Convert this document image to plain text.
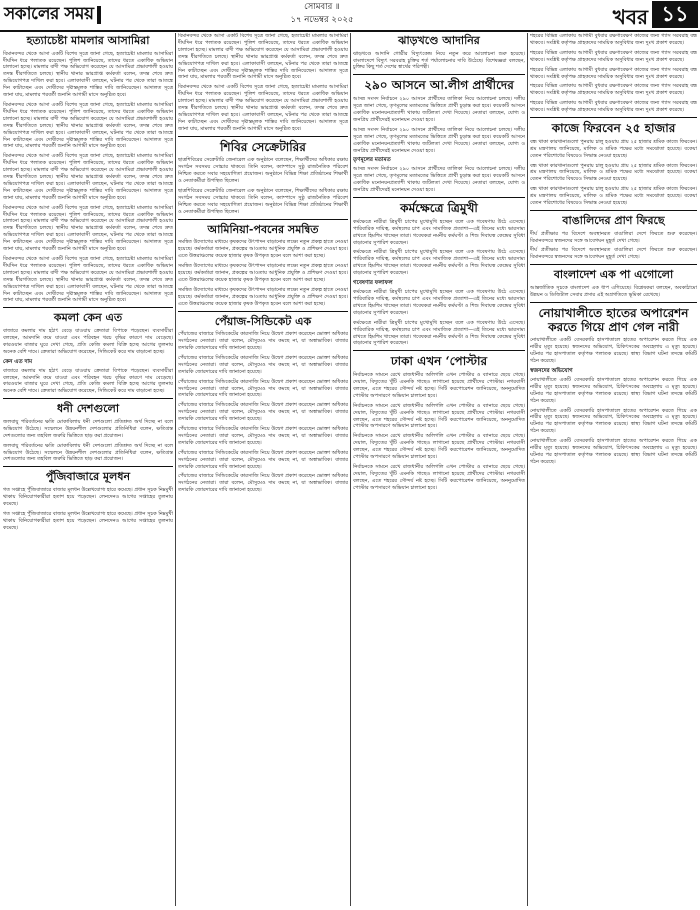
সকালের সময়	সোমবার ॥
১৭ নভেম্বর ২০২৫	খবর ১১
হত্যাচেষ্টা মামলার আসামিরা

বিমানবন্দর থেকে আসা একটি বিশেষ সূত্রে জানা গেছে, হত্যাচেষ্টা মামলার আসামিরা দীর্ঘদিন ধরে পলাতক রয়েছেন। পুলিশ জানিয়েছে, তাদের ধরতে একাধিক অভিযান চালানো হচ্ছে। মামলার বাদী পক্ষ অভিযোগ করেছেন যে আসামিরা প্রভাবশালী হওয়ায় তদন্ত ধীরগতিতে চলছে। স্থানীয় থানার ভারপ্রাপ্ত কর্মকর্তা বলেন, তদন্ত শেষে দ্রুত অভিযোগপত্র দাখিল করা হবে। এলাকাবাসী বলছেন, ঘটনার পর থেকে তারা আতঙ্কে দিন কাটাচ্ছেন এবং দোষীদের দৃষ্টান্তমূলক শাস্তির দাবি জানিয়েছেন। আদালত সূত্রে জানা যায়, মামলার পরবর্তী শুনানি আগামী মাসে অনুষ্ঠিত হবে।

বিমানবন্দর থেকে আসা একটি বিশেষ সূত্রে জানা গেছে, হত্যাচেষ্টা মামলার আসামিরা দীর্ঘদিন ধরে পলাতক রয়েছেন। পুলিশ জানিয়েছে, তাদের ধরতে একাধিক অভিযান চালানো হচ্ছে। মামলার বাদী পক্ষ অভিযোগ করেছেন যে আসামিরা প্রভাবশালী হওয়ায় তদন্ত ধীরগতিতে চলছে। স্থানীয় থানার ভারপ্রাপ্ত কর্মকর্তা বলেন, তদন্ত শেষে দ্রুত অভিযোগপত্র দাখিল করা হবে। এলাকাবাসী বলছেন, ঘটনার পর থেকে তারা আতঙ্কে দিন কাটাচ্ছেন এবং দোষীদের দৃষ্টান্তমূলক শাস্তির দাবি জানিয়েছেন। আদালত সূত্রে জানা যায়, মামলার পরবর্তী শুনানি আগামী মাসে অনুষ্ঠিত হবে।

বিমানবন্দর থেকে আসা একটি বিশেষ সূত্রে জানা গেছে, হত্যাচেষ্টা মামলার আসামিরা দীর্ঘদিন ধরে পলাতক রয়েছেন। পুলিশ জানিয়েছে, তাদের ধরতে একাধিক অভিযান চালানো হচ্ছে। মামলার বাদী পক্ষ অভিযোগ করেছেন যে আসামিরা প্রভাবশালী হওয়ায় তদন্ত ধীরগতিতে চলছে। স্থানীয় থানার ভারপ্রাপ্ত কর্মকর্তা বলেন, তদন্ত শেষে দ্রুত অভিযোগপত্র দাখিল করা হবে। এলাকাবাসী বলছেন, ঘটনার পর থেকে তারা আতঙ্কে দিন কাটাচ্ছেন এবং দোষীদের দৃষ্টান্তমূলক শাস্তির দাবি জানিয়েছেন। আদালত সূত্রে জানা যায়, মামলার পরবর্তী শুনানি আগামী মাসে অনুষ্ঠিত হবে।

বিমানবন্দর থেকে আসা একটি বিশেষ সূত্রে জানা গেছে, হত্যাচেষ্টা মামলার আসামিরা দীর্ঘদিন ধরে পলাতক রয়েছেন। পুলিশ জানিয়েছে, তাদের ধরতে একাধিক অভিযান চালানো হচ্ছে। মামলার বাদী পক্ষ অভিযোগ করেছেন যে আসামিরা প্রভাবশালী হওয়ায় তদন্ত ধীরগতিতে চলছে। স্থানীয় থানার ভারপ্রাপ্ত কর্মকর্তা বলেন, তদন্ত শেষে দ্রুত অভিযোগপত্র দাখিল করা হবে। এলাকাবাসী বলছেন, ঘটনার পর থেকে তারা আতঙ্কে দিন কাটাচ্ছেন এবং দোষীদের দৃষ্টান্তমূলক শাস্তির দাবি জানিয়েছেন। আদালত সূত্রে জানা যায়, মামলার পরবর্তী শুনানি আগামী মাসে অনুষ্ঠিত হবে।

বিমানবন্দর থেকে আসা একটি বিশেষ সূত্রে জানা গেছে, হত্যাচেষ্টা মামলার আসামিরা দীর্ঘদিন ধরে পলাতক রয়েছেন। পুলিশ জানিয়েছে, তাদের ধরতে একাধিক অভিযান চালানো হচ্ছে। মামলার বাদী পক্ষ অভিযোগ করেছেন যে আসামিরা প্রভাবশালী হওয়ায় তদন্ত ধীরগতিতে চলছে। স্থানীয় থানার ভারপ্রাপ্ত কর্মকর্তা বলেন, তদন্ত শেষে দ্রুত অভিযোগপত্র দাখিল করা হবে। এলাকাবাসী বলছেন, ঘটনার পর থেকে তারা আতঙ্কে দিন কাটাচ্ছেন এবং দোষীদের দৃষ্টান্তমূলক শাস্তির দাবি জানিয়েছেন। আদালত সূত্রে জানা যায়, মামলার পরবর্তী শুনানি আগামী মাসে অনুষ্ঠিত হবে।

কমলা কেন এত

বাজারে কমলার দাম হঠাৎ বেড়ে যাওয়ায় ক্রেতারা বিপাকে পড়েছেন। ব্যবসায়ীরা বলছেন, আমদানি কমে যাওয়া এবং পরিবহন খরচ বৃদ্ধির কারণে দাম বেড়েছে। কারওয়ান বাজার ঘুরে দেখা গেছে, প্রতি কেজি কমলা বিক্রি হচ্ছে আগের তুলনায় অনেক বেশি দামে। ক্রেতারা অভিযোগ করেছেন, সিন্ডিকেট করে দাম বাড়ানো হচ্ছে।

কেন এত দাম

বাজারে কমলার দাম হঠাৎ বেড়ে যাওয়ায় ক্রেতারা বিপাকে পড়েছেন। ব্যবসায়ীরা বলছেন, আমদানি কমে যাওয়া এবং পরিবহন খরচ বৃদ্ধির কারণে দাম বেড়েছে। কারওয়ান বাজার ঘুরে দেখা গেছে, প্রতি কেজি কমলা বিক্রি হচ্ছে আগের তুলনায় অনেক বেশি দামে। ক্রেতারা অভিযোগ করেছেন, সিন্ডিকেট করে দাম বাড়ানো হচ্ছে।

ধনী দেশগুলো

জলবায়ু পরিবর্তনের ক্ষতি মোকাবিলায় ধনী দেশগুলো প্রতিশ্রুত অর্থ দিচ্ছে না বলে অভিযোগ উঠেছে। সম্মেলনে উন্নয়নশীল দেশগুলোর প্রতিনিধিরা বলেন, ক্ষতিগ্রস্ত দেশগুলোর জন্য তহবিল জরুরি ভিত্তিতে ছাড় করা প্রয়োজন।

জলবায়ু পরিবর্তনের ক্ষতি মোকাবিলায় ধনী দেশগুলো প্রতিশ্রুত অর্থ দিচ্ছে না বলে অভিযোগ উঠেছে। সম্মেলনে উন্নয়নশীল দেশগুলোর প্রতিনিধিরা বলেন, ক্ষতিগ্রস্ত দেশগুলোর জন্য তহবিল জরুরি ভিত্তিতে ছাড় করা প্রয়োজন।

পুঁজিবাজারে মূলধন

গত সপ্তাহে পুঁজিবাজারে বাজার মূলধন উল্লেখযোগ্য হারে কমেছে। প্রধান সূচক নিম্নমুখী থাকায় বিনিয়োগকারীরা হতাশ হয়ে পড়েছেন। লেনদেনও আগের সপ্তাহের তুলনায় কমেছে।

গত সপ্তাহে পুঁজিবাজারে বাজার মূলধন উল্লেখযোগ্য হারে কমেছে। প্রধান সূচক নিম্নমুখী থাকায় বিনিয়োগকারীরা হতাশ হয়ে পড়েছেন। লেনদেনও আগের সপ্তাহের তুলনায় কমেছে।

বিমানবন্দর থেকে আসা একটি বিশেষ সূত্রে জানা গেছে, হত্যাচেষ্টা মামলার আসামিরা দীর্ঘদিন ধরে পলাতক রয়েছেন। পুলিশ জানিয়েছে, তাদের ধরতে একাধিক অভিযান চালানো হচ্ছে। মামলার বাদী পক্ষ অভিযোগ করেছেন যে আসামিরা প্রভাবশালী হওয়ায় তদন্ত ধীরগতিতে চলছে। স্থানীয় থানার ভারপ্রাপ্ত কর্মকর্তা বলেন, তদন্ত শেষে দ্রুত অভিযোগপত্র দাখিল করা হবে। এলাকাবাসী বলছেন, ঘটনার পর থেকে তারা আতঙ্কে দিন কাটাচ্ছেন এবং দোষীদের দৃষ্টান্তমূলক শাস্তির দাবি জানিয়েছেন। আদালত সূত্রে জানা যায়, মামলার পরবর্তী শুনানি আগামী মাসে অনুষ্ঠিত হবে।

বিমানবন্দর থেকে আসা একটি বিশেষ সূত্রে জানা গেছে, হত্যাচেষ্টা মামলার আসামিরা দীর্ঘদিন ধরে পলাতক রয়েছেন। পুলিশ জানিয়েছে, তাদের ধরতে একাধিক অভিযান চালানো হচ্ছে। মামলার বাদী পক্ষ অভিযোগ করেছেন যে আসামিরা প্রভাবশালী হওয়ায় তদন্ত ধীরগতিতে চলছে। স্থানীয় থানার ভারপ্রাপ্ত কর্মকর্তা বলেন, তদন্ত শেষে দ্রুত অভিযোগপত্র দাখিল করা হবে। এলাকাবাসী বলছেন, ঘটনার পর থেকে তারা আতঙ্কে দিন কাটাচ্ছেন এবং দোষীদের দৃষ্টান্তমূলক শাস্তির দাবি জানিয়েছেন। আদালত সূত্রে জানা যায়, মামলার পরবর্তী শুনানি আগামী মাসে অনুষ্ঠিত হবে।

শিবির সেক্রেটারির

ছাত্রশিবিরের সেক্রেটারি জেনারেল এক অনুষ্ঠানে বলেছেন, শিক্ষার্থীদের অধিকার রক্ষায় সংগঠন সবসময় সোচ্চার থাকবে। তিনি বলেন, ক্যাম্পাসে সুষ্ঠু রাজনৈতিক পরিবেশ নিশ্চিত করতে সবার সহযোগিতা প্রয়োজন। অনুষ্ঠানে বিভিন্ন শিক্ষা প্রতিষ্ঠানের শিক্ষার্থী ও নেতাকর্মীরা উপস্থিত ছিলেন।

ছাত্রশিবিরের সেক্রেটারি জেনারেল এক অনুষ্ঠানে বলেছেন, শিক্ষার্থীদের অধিকার রক্ষায় সংগঠন সবসময় সোচ্চার থাকবে। তিনি বলেন, ক্যাম্পাসে সুষ্ঠু রাজনৈতিক পরিবেশ নিশ্চিত করতে সবার সহযোগিতা প্রয়োজন। অনুষ্ঠানে বিভিন্ন শিক্ষা প্রতিষ্ঠানের শিক্ষার্থী ও নেতাকর্মীরা উপস্থিত ছিলেন।

আমিনিয়া-পবনের সমন্বিত

সমন্বিত উদ্যোগের মাধ্যমে কৃষকদের উৎপাদন বাড়ানোর লক্ষ্যে নতুন প্রকল্প হাতে নেওয়া হয়েছে। কর্মকর্তারা জানান, প্রকল্পের আওতায় আধুনিক প্রযুক্তি ও প্রশিক্ষণ দেওয়া হবে। এতে উত্তরাঞ্চলের কয়েক হাজার কৃষক উপকৃত হবেন বলে আশা করা হচ্ছে।

সমন্বিত উদ্যোগের মাধ্যমে কৃষকদের উৎপাদন বাড়ানোর লক্ষ্যে নতুন প্রকল্প হাতে নেওয়া হয়েছে। কর্মকর্তারা জানান, প্রকল্পের আওতায় আধুনিক প্রযুক্তি ও প্রশিক্ষণ দেওয়া হবে। এতে উত্তরাঞ্চলের কয়েক হাজার কৃষক উপকৃত হবেন বলে আশা করা হচ্ছে।

সমন্বিত উদ্যোগের মাধ্যমে কৃষকদের উৎপাদন বাড়ানোর লক্ষ্যে নতুন প্রকল্প হাতে নেওয়া হয়েছে। কর্মকর্তারা জানান, প্রকল্পের আওতায় আধুনিক প্রযুক্তি ও প্রশিক্ষণ দেওয়া হবে। এতে উত্তরাঞ্চলের কয়েক হাজার কৃষক উপকৃত হবেন বলে আশা করা হচ্ছে।

পেঁয়াজ-সিন্ডিকেট এক

পেঁয়াজের বাজারে সিন্ডিকেটের কারসাজি নিয়ে উদ্বেগ প্রকাশ করেছেন ভোক্তা অধিকার সংগঠনের নেতারা। তারা বলেন, মৌসুমেও দাম কমছে না, যা অস্বাভাবিক। বাজার তদারকি জোরদারের দাবি জানানো হয়েছে।

পেঁয়াজের বাজারে সিন্ডিকেটের কারসাজি নিয়ে উদ্বেগ প্রকাশ করেছেন ভোক্তা অধিকার সংগঠনের নেতারা। তারা বলেন, মৌসুমেও দাম কমছে না, যা অস্বাভাবিক। বাজার তদারকি জোরদারের দাবি জানানো হয়েছে।

পেঁয়াজের বাজারে সিন্ডিকেটের কারসাজি নিয়ে উদ্বেগ প্রকাশ করেছেন ভোক্তা অধিকার সংগঠনের নেতারা। তারা বলেন, মৌসুমেও দাম কমছে না, যা অস্বাভাবিক। বাজার তদারকি জোরদারের দাবি জানানো হয়েছে।

পেঁয়াজের বাজারে সিন্ডিকেটের কারসাজি নিয়ে উদ্বেগ প্রকাশ করেছেন ভোক্তা অধিকার সংগঠনের নেতারা। তারা বলেন, মৌসুমেও দাম কমছে না, যা অস্বাভাবিক। বাজার তদারকি জোরদারের দাবি জানানো হয়েছে।

পেঁয়াজের বাজারে সিন্ডিকেটের কারসাজি নিয়ে উদ্বেগ প্রকাশ করেছেন ভোক্তা অধিকার সংগঠনের নেতারা। তারা বলেন, মৌসুমেও দাম কমছে না, যা অস্বাভাবিক। বাজার তদারকি জোরদারের দাবি জানানো হয়েছে।

পেঁয়াজের বাজারে সিন্ডিকেটের কারসাজি নিয়ে উদ্বেগ প্রকাশ করেছেন ভোক্তা অধিকার সংগঠনের নেতারা। তারা বলেন, মৌসুমেও দাম কমছে না, যা অস্বাভাবিক। বাজার তদারকি জোরদারের দাবি জানানো হয়েছে।

পেঁয়াজের বাজারে সিন্ডিকেটের কারসাজি নিয়ে উদ্বেগ প্রকাশ করেছেন ভোক্তা অধিকার সংগঠনের নেতারা। তারা বলেন, মৌসুমেও দাম কমছে না, যা অস্বাভাবিক। বাজার তদারকি জোরদারের দাবি জানানো হয়েছে।

ঝাড়খণ্ডে আদানির

ঝাড়খণ্ডে আদানি গোষ্ঠীর বিদ্যুৎকেন্দ্র নিয়ে নতুন করে আলোচনা শুরু হয়েছে। বাংলাদেশে বিদ্যুৎ সরবরাহ চুক্তির শর্ত পর্যালোচনার দাবি উঠেছে। বিশেষজ্ঞরা বলছেন, চুক্তির কিছু শর্ত দেশের স্বার্থের পরিপন্থী।

২৯০ আসনে আ.লীগ প্রার্থীদের

আসন্ন সংসদ নির্বাচনে ২৯০ আসনে প্রার্থীদের তালিকা নিয়ে আলোচনা চলছে। দলীয় সূত্রে জানা গেছে, তৃণমূলের মতামতের ভিত্তিতে প্রার্থী চূড়ান্ত করা হবে। কয়েকটি আসনে একাধিক মনোনয়নপ্রত্যাশী থাকায় জটিলতা দেখা দিয়েছে। নেতারা বলছেন, যোগ্য ও জনপ্রিয় প্রার্থীদেরই মনোনয়ন দেওয়া হবে।

আসন্ন সংসদ নির্বাচনে ২৯০ আসনে প্রার্থীদের তালিকা নিয়ে আলোচনা চলছে। দলীয় সূত্রে জানা গেছে, তৃণমূলের মতামতের ভিত্তিতে প্রার্থী চূড়ান্ত করা হবে। কয়েকটি আসনে একাধিক মনোনয়নপ্রত্যাশী থাকায় জটিলতা দেখা দিয়েছে। নেতারা বলছেন, যোগ্য ও জনপ্রিয় প্রার্থীদেরই মনোনয়ন দেওয়া হবে।

তৃণমূলের মতামত

আসন্ন সংসদ নির্বাচনে ২৯০ আসনে প্রার্থীদের তালিকা নিয়ে আলোচনা চলছে। দলীয় সূত্রে জানা গেছে, তৃণমূলের মতামতের ভিত্তিতে প্রার্থী চূড়ান্ত করা হবে। কয়েকটি আসনে একাধিক মনোনয়নপ্রত্যাশী থাকায় জটিলতা দেখা দিয়েছে। নেতারা বলছেন, যোগ্য ও জনপ্রিয় প্রার্থীদেরই মনোনয়ন দেওয়া হবে।

কর্মক্ষেত্রে ত্রিমুখী

কর্মক্ষেত্রে নারীরা ত্রিমুখী চাপের মুখোমুখি হচ্ছেন বলে এক গবেষণায় উঠে এসেছে। পারিবারিক দায়িত্ব, কর্মস্থলের চাপ এবং সামাজিক প্রত্যাশা—এই তিনের মধ্যে ভারসাম্য রাখতে হিমশিম খাচ্ছেন তারা। গবেষকরা নমনীয় কর্মঘণ্টা ও শিশু দিবাযত্ন কেন্দ্রের সুবিধা বাড়ানোর সুপারিশ করেছেন।

কর্মক্ষেত্রে নারীরা ত্রিমুখী চাপের মুখোমুখি হচ্ছেন বলে এক গবেষণায় উঠে এসেছে। পারিবারিক দায়িত্ব, কর্মস্থলের চাপ এবং সামাজিক প্রত্যাশা—এই তিনের মধ্যে ভারসাম্য রাখতে হিমশিম খাচ্ছেন তারা। গবেষকরা নমনীয় কর্মঘণ্টা ও শিশু দিবাযত্ন কেন্দ্রের সুবিধা বাড়ানোর সুপারিশ করেছেন।

গবেষণার ফলাফল

কর্মক্ষেত্রে নারীরা ত্রিমুখী চাপের মুখোমুখি হচ্ছেন বলে এক গবেষণায় উঠে এসেছে। পারিবারিক দায়িত্ব, কর্মস্থলের চাপ এবং সামাজিক প্রত্যাশা—এই তিনের মধ্যে ভারসাম্য রাখতে হিমশিম খাচ্ছেন তারা। গবেষকরা নমনীয় কর্মঘণ্টা ও শিশু দিবাযত্ন কেন্দ্রের সুবিধা বাড়ানোর সুপারিশ করেছেন।

কর্মক্ষেত্রে নারীরা ত্রিমুখী চাপের মুখোমুখি হচ্ছেন বলে এক গবেষণায় উঠে এসেছে। পারিবারিক দায়িত্ব, কর্মস্থলের চাপ এবং সামাজিক প্রত্যাশা—এই তিনের মধ্যে ভারসাম্য রাখতে হিমশিম খাচ্ছেন তারা। গবেষকরা নমনীয় কর্মঘণ্টা ও শিশু দিবাযত্ন কেন্দ্রের সুবিধা বাড়ানোর সুপারিশ করেছেন।

ঢাকা এখন ‘পোস্টার

নির্বাচনকে সামনে রেখে রাজধানীর অলিগলি এখন পোস্টার ও ব্যানারে ছেয়ে গেছে। দেয়াল, বিদ্যুতের খুঁটি এমনকি গাছেও লাগানো হয়েছে প্রার্থীদের পোস্টার। নগরবাসী বলছেন, এতে শহরের সৌন্দর্য নষ্ট হচ্ছে। সিটি করপোরেশন জানিয়েছে, অননুমোদিত পোস্টার অপসারণে অভিযান চালানো হবে।

নির্বাচনকে সামনে রেখে রাজধানীর অলিগলি এখন পোস্টার ও ব্যানারে ছেয়ে গেছে। দেয়াল, বিদ্যুতের খুঁটি এমনকি গাছেও লাগানো হয়েছে প্রার্থীদের পোস্টার। নগরবাসী বলছেন, এতে শহরের সৌন্দর্য নষ্ট হচ্ছে। সিটি করপোরেশন জানিয়েছে, অননুমোদিত পোস্টার অপসারণে অভিযান চালানো হবে।

নির্বাচনকে সামনে রেখে রাজধানীর অলিগলি এখন পোস্টার ও ব্যানারে ছেয়ে গেছে। দেয়াল, বিদ্যুতের খুঁটি এমনকি গাছেও লাগানো হয়েছে প্রার্থীদের পোস্টার। নগরবাসী বলছেন, এতে শহরের সৌন্দর্য নষ্ট হচ্ছে। সিটি করপোরেশন জানিয়েছে, অননুমোদিত পোস্টার অপসারণে অভিযান চালানো হবে।

নির্বাচনকে সামনে রেখে রাজধানীর অলিগলি এখন পোস্টার ও ব্যানারে ছেয়ে গেছে। দেয়াল, বিদ্যুতের খুঁটি এমনকি গাছেও লাগানো হয়েছে প্রার্থীদের পোস্টার। নগরবাসী বলছেন, এতে শহরের সৌন্দর্য নষ্ট হচ্ছে। সিটি করপোরেশন জানিয়েছে, অননুমোদিত পোস্টার অপসারণে অভিযান চালানো হবে।

শহরের বিভিন্ন এলাকায় আগামী বুধবার রক্ষণাবেক্ষণ কাজের জন্য গ্যাস সরবরাহ বন্ধ থাকবে। সংশ্লিষ্ট কর্তৃপক্ষ গ্রাহকদের সাময়িক অসুবিধার জন্য দুঃখ প্রকাশ করেছে।

শহরের বিভিন্ন এলাকায় আগামী বুধবার রক্ষণাবেক্ষণ কাজের জন্য গ্যাস সরবরাহ বন্ধ থাকবে। সংশ্লিষ্ট কর্তৃপক্ষ গ্রাহকদের সাময়িক অসুবিধার জন্য দুঃখ প্রকাশ করেছে।

শহরের বিভিন্ন এলাকায় আগামী বুধবার রক্ষণাবেক্ষণ কাজের জন্য গ্যাস সরবরাহ বন্ধ থাকবে। সংশ্লিষ্ট কর্তৃপক্ষ গ্রাহকদের সাময়িক অসুবিধার জন্য দুঃখ প্রকাশ করেছে।

শহরের বিভিন্ন এলাকায় আগামী বুধবার রক্ষণাবেক্ষণ কাজের জন্য গ্যাস সরবরাহ বন্ধ থাকবে। সংশ্লিষ্ট কর্তৃপক্ষ গ্রাহকদের সাময়িক অসুবিধার জন্য দুঃখ প্রকাশ করেছে।

শহরের বিভিন্ন এলাকায় আগামী বুধবার রক্ষণাবেক্ষণ কাজের জন্য গ্যাস সরবরাহ বন্ধ থাকবে। সংশ্লিষ্ট কর্তৃপক্ষ গ্রাহকদের সাময়িক অসুবিধার জন্য দুঃখ প্রকাশ করেছে।

কাজে ফিরবেন ২৫ হাজার

বন্ধ থাকা কারখানাগুলো পুনরায় চালু হওয়ায় প্রায় ২৫ হাজার শ্রমিক কাজে ফিরবেন। শ্রম মন্ত্রণালয় জানিয়েছে, মালিক ও শ্রমিক পক্ষের মধ্যে সমঝোতা হয়েছে। বকেয়া বেতন পরিশোধের বিষয়েও সিদ্ধান্ত নেওয়া হয়েছে।

বন্ধ থাকা কারখানাগুলো পুনরায় চালু হওয়ায় প্রায় ২৫ হাজার শ্রমিক কাজে ফিরবেন। শ্রম মন্ত্রণালয় জানিয়েছে, মালিক ও শ্রমিক পক্ষের মধ্যে সমঝোতা হয়েছে। বকেয়া বেতন পরিশোধের বিষয়েও সিদ্ধান্ত নেওয়া হয়েছে।

বন্ধ থাকা কারখানাগুলো পুনরায় চালু হওয়ায় প্রায় ২৫ হাজার শ্রমিক কাজে ফিরবেন। শ্রম মন্ত্রণালয় জানিয়েছে, মালিক ও শ্রমিক পক্ষের মধ্যে সমঝোতা হয়েছে। বকেয়া বেতন পরিশোধের বিষয়েও সিদ্ধান্ত নেওয়া হয়েছে।

বাঙালিদের প্রাণ ফিরছে

দীর্ঘ প্রতীক্ষার পর বিদেশে অবস্থানরত বাঙালিরা দেশে ফিরতে শুরু করেছেন। বিমানবন্দরে স্বজনদের সঙ্গে আবেগঘন মুহূর্ত দেখা গেছে।

দীর্ঘ প্রতীক্ষার পর বিদেশে অবস্থানরত বাঙালিরা দেশে ফিরতে শুরু করেছেন। বিমানবন্দরে স্বজনদের সঙ্গে আবেগঘন মুহূর্ত দেখা গেছে।

বাংলাদেশ এক পা এগোলো

আন্তর্জাতিক সূচকে বাংলাদেশ এক ধাপ এগিয়েছে। বিশ্লেষকরা বলছেন, অবকাঠামো উন্নয়ন ও ডিজিটাল সেবার প্রসার এই অগ্রগতিতে ভূমিকা রেখেছে।

নোয়াখালীতে হাতের অপারেশন করতে গিয়ে প্রাণ গেল নারী

নোয়াখালীতে একটি বেসরকারি হাসপাতালে হাতের অপারেশন করতে গিয়ে এক নারীর মৃত্যু হয়েছে। স্বজনদের অভিযোগ, চিকিৎসকের অবহেলায় এ মৃত্যু হয়েছে। ঘটনার পর হাসপাতাল কর্তৃপক্ষ পলাতক রয়েছে। স্বাস্থ্য বিভাগ ঘটনা তদন্তে কমিটি গঠন করেছে।

স্বজনদের অভিযোগ

নোয়াখালীতে একটি বেসরকারি হাসপাতালে হাতের অপারেশন করতে গিয়ে এক নারীর মৃত্যু হয়েছে। স্বজনদের অভিযোগ, চিকিৎসকের অবহেলায় এ মৃত্যু হয়েছে। ঘটনার পর হাসপাতাল কর্তৃপক্ষ পলাতক রয়েছে। স্বাস্থ্য বিভাগ ঘটনা তদন্তে কমিটি গঠন করেছে।

নোয়াখালীতে একটি বেসরকারি হাসপাতালে হাতের অপারেশন করতে গিয়ে এক নারীর মৃত্যু হয়েছে। স্বজনদের অভিযোগ, চিকিৎসকের অবহেলায় এ মৃত্যু হয়েছে। ঘটনার পর হাসপাতাল কর্তৃপক্ষ পলাতক রয়েছে। স্বাস্থ্য বিভাগ ঘটনা তদন্তে কমিটি গঠন করেছে।

নোয়াখালীতে একটি বেসরকারি হাসপাতালে হাতের অপারেশন করতে গিয়ে এক নারীর মৃত্যু হয়েছে। স্বজনদের অভিযোগ, চিকিৎসকের অবহেলায় এ মৃত্যু হয়েছে। ঘটনার পর হাসপাতাল কর্তৃপক্ষ পলাতক রয়েছে। স্বাস্থ্য বিভাগ ঘটনা তদন্তে কমিটি গঠন করেছে।
